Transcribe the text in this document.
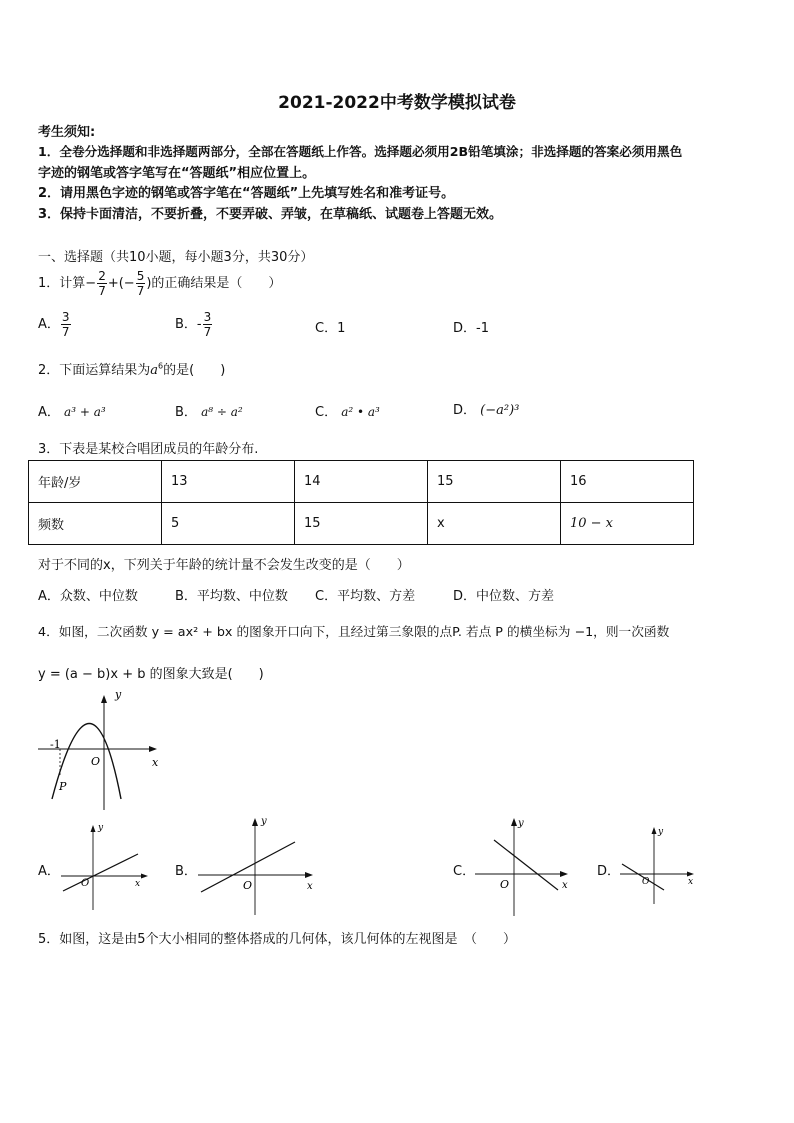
2021-2022中考数学模拟试卷
考生须知:
1．全卷分选择题和非选择题两部分，全部在答题纸上作答。选择题必须用2B铅笔填涂；非选择题的答案必须用黑色
字迹的钢笔或答字笔写在“答题纸”相应位置上。
2．请用黑色字迹的钢笔或答字笔在“答题纸”上先填写姓名和准考证号。
3．保持卡面清洁，不要折叠，不要弄破、弄皱，在草稿纸、试题卷上答题无效。
一、选择题（共10小题，每小题3分，共30分）
1．计算− $\frac{2}{7}$ +(− $\frac{5}{7}$ )的正确结果是（　　）
A． $\frac{3}{7}$	B．- $\frac{3}{7}$	C．1	D．-1
2．下面运算结果为$a^6$的是(　　)
A． a³ + a³	B． a⁸ ÷ a²	C． a² • a³	D． (−a²)³
3．下表是某校合唱团成员的年龄分布.
年龄/岁	13	14	15	16
频数	5	15	x	10 − x
对于不同的x，下列关于年龄的统计量不会发生改变的是（　　）
A．众数、中位数	B．平均数、中位数 C．平均数、方差	D．中位数、方差
4．如图，二次函数 y = ax² + bx 的图象开口向下，且经过第三象限的点P. 若点 P 的横坐标为 −1，则一次函数
y = (a − b)x + b 的图象大致是(　　)
-1
y
x
O
P
A．
y
x
O
B．
y
x
O
C．
y
x
O
D．
y
x
O
5．如图，这是由5个大小相同的整体搭成的几何体，该几何体的左视图是　（　　）
